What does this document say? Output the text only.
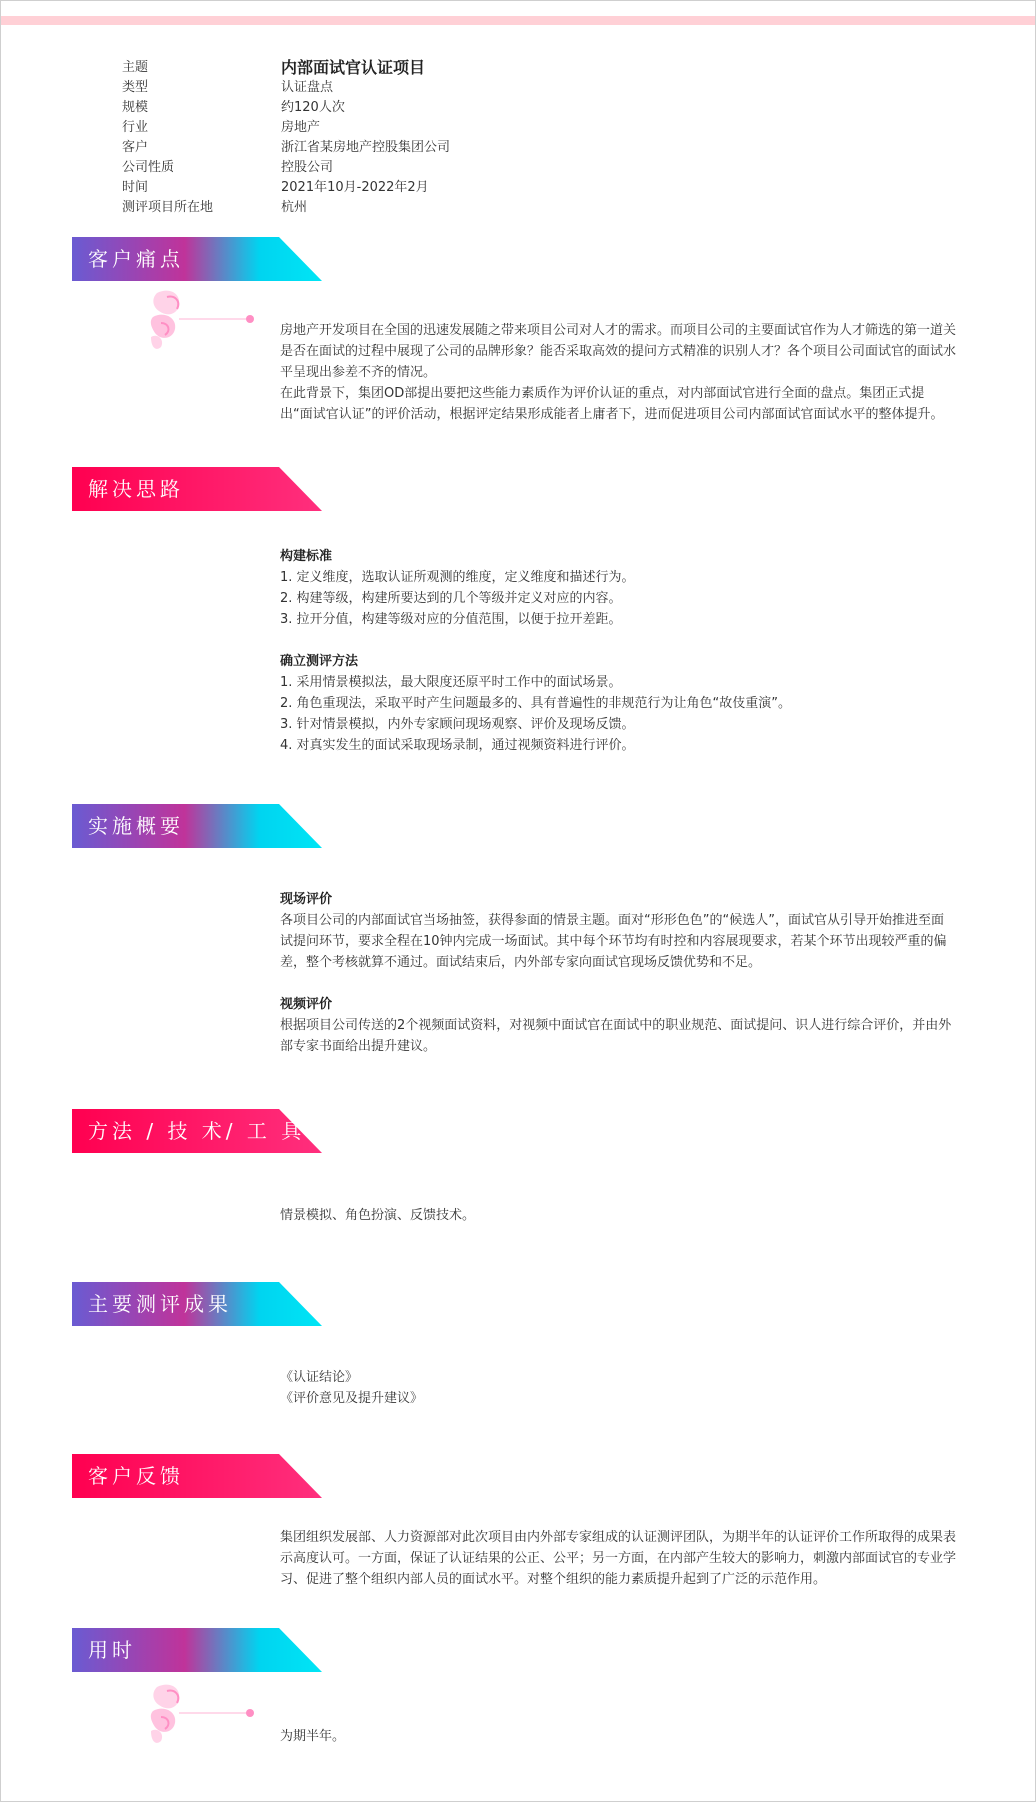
主题	内部面试官认证项目
类型	认证盘点
规模	约120人次
行业	房地产
客户	浙江省某房地产控股集团公司
公司性质	控股公司
时间	2021年10月-2022年2月
测评项目所在地	杭州
客户痛点

房地产开发项目在全国的迅速发展随之带来项目公司对人才的需求。而项目公司的主要面试官作为人才筛选的第一道关是否在面试的过程中展现了公司的品牌形象？能否采取高效的提问方式精准的识别人才？各个项目公司面试官的面试水平呈现出参差不齐的情况。

在此背景下，集团OD部提出要把这些能力素质作为评价认证的重点，对内部面试官进行全面的盘点。集团正式提出“面试官认证”的评价活动，根据评定结果形成能者上庸者下，进而促进项目公司内部面试官面试水平的整体提升。

解决思路

构建标准

1. 定义维度，选取认证所观测的维度，定义维度和描述行为。

2. 构建等级，构建所要达到的几个等级并定义对应的内容。

3. 拉开分值，构建等级对应的分值范围，以便于拉开差距。

确立测评方法

1. 采用情景模拟法，最大限度还原平时工作中的面试场景。

2. 角色重现法，采取平时产生问题最多的、具有普遍性的非规范行为让角色“故伎重演”。

3. 针对情景模拟，内外专家顾问现场观察、评价及现场反馈。

4. 对真实发生的面试采取现场录制，通过视频资料进行评价。

实施概要

现场评价

各项目公司的内部面试官当场抽签，获得参面的情景主题。面对“形形色色”的“候选人”，面试官从引导开始推进至面试提问环节，要求全程在10钟内完成一场面试。其中每个环节均有时控和内容展现要求，若某个环节出现较严重的偏差，整个考核就算不通过。面试结束后，内外部专家向面试官现场反馈优势和不足。

视频评价

根据项目公司传送的2个视频面试资料，对视频中面试官在面试中的职业规范、面试提问、识人进行综合评价，并由外部专家书面给出提升建议。

方法 / 技 术/ 工 具

情景模拟、角色扮演、反馈技术。

主要测评成果

《认证结论》

《评价意见及提升建议》

客户反馈

集团组织发展部、人力资源部对此次项目由内外部专家组成的认证测评团队，为期半年的认证评价工作所取得的成果表示高度认可。一方面，保证了认证结果的公正、公平；另一方面，在内部产生较大的影响力，刺激内部面试官的专业学习、促进了整个组织内部人员的面试水平。对整个组织的能力素质提升起到了广泛的示范作用。

用时

为期半年。
